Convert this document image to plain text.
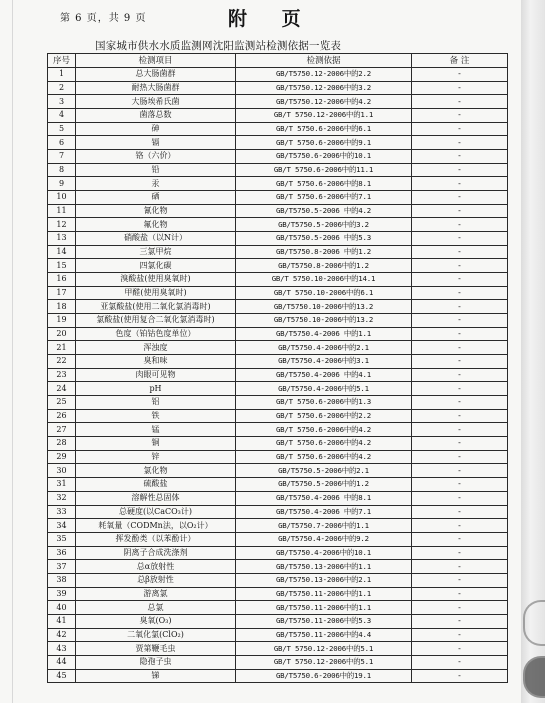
第 6 页，共 9 页	附 页
国家城市供水水质监测网沈阳监测站检测依据一览表
序号	检测项目	检测依据	备 注
1	总大肠菌群	GB/T5750.12-2006中的2.2	-
2	耐热大肠菌群	GB/T5750.12-2006中的3.2	-
3	大肠埃希氏菌	GB/T5750.12-2006中的4.2	-
4	菌落总数	GB/T 5750.12-2006中的1.1	-
5	砷	GB/T 5750.6-2006中的6.1	-
6	镉	GB/T 5750.6-2006中的9.1	-
7	铬（六价）	GB/T5750.6-2006中的10.1	-
8	铅	GB/T 5750.6-2006中的11.1	-
9	汞	GB/T 5750.6-2006中的8.1	-
10	硒	GB/T 5750.6-2006中的7.1	-
11	氰化物	GB/T5750.5-2006 中的4.2	-
12	氟化物	GB/T5750.5-2006中的3.2	-
13	硝酸盐（以N计）	GB/T5750.5-2006 中的5.3	-
14	三氯甲烷	GB/T5750.8-2006 中的1.2	-
15	四氯化碳	GB/T5750.8-2006中的1.2	-
16	溴酸盐(使用臭氧时)	GB/T 5750.10-2006中的14.1	-
17	甲醛(使用臭氧时)	GB/T 5750.10-2006中的6.1	-
18	亚氯酸盐(使用二氧化氯消毒时)	GB/T5750.10-2006中的13.2	-
19	氯酸盐(使用复合二氧化氯消毒时)	GB/T5750.10-2006中的13.2	-
20	色度（铂钴色度单位）	GB/T5750.4-2006 中的1.1	-
21	浑浊度	GB/T5750.4-2006中的2.1	-
22	臭和味	GB/T5750.4-2006中的3.1	-
23	肉眼可见物	GB/T5750.4-2006 中的4.1	-
24	pH	GB/T5750.4-2006中的5.1	-
25	铝	GB/T 5750.6-2006中的1.3	-
26	铁	GB/T 5750.6-2006中的2.2	-
27	锰	GB/T 5750.6-2006中的4.2	-
28	铜	GB/T 5750.6-2006中的4.2	-
29	锌	GB/T 5750.6-2006中的4.2	-
30	氯化物	GB/T5750.5-2006中的2.1	-
31	硫酸盐	GB/T5750.5-2006中的1.2	-
32	溶解性总固体	GB/T5750.4-2006 中的8.1	-
33	总硬度(以CaCO₃计)	GB/T5750.4-2006 中的7.1	-
34	耗氧量（CODMn法，以O₂计）	GB/T5750.7-2006中的1.1	-
35	挥发酚类（以苯酚计）	GB/T5750.4-2006中的9.2	-
36	阴离子合成洗涤剂	GB/T5750.4-2006中的10.1	-
37	总α放射性	GB/T5750.13-2006中的1.1	-
38	总β放射性	GB/T5750.13-2006中的2.1	-
39	游离氯	GB/T5750.11-2006中的1.1	-
40	总氯	GB/T5750.11-2006中的1.1	-
41	臭氧(O₃)	GB/T5750.11-2006中的5.3	-
42	二氧化氯(ClO₂)	GB/T5750.11-2006中的4.4	-
43	贾第鞭毛虫	GB/T 5750.12-2006中的5.1	-
44	隐孢子虫	GB/T 5750.12-2006中的5.1	-
45	锑	GB/T5750.6-2006中的19.1	-
